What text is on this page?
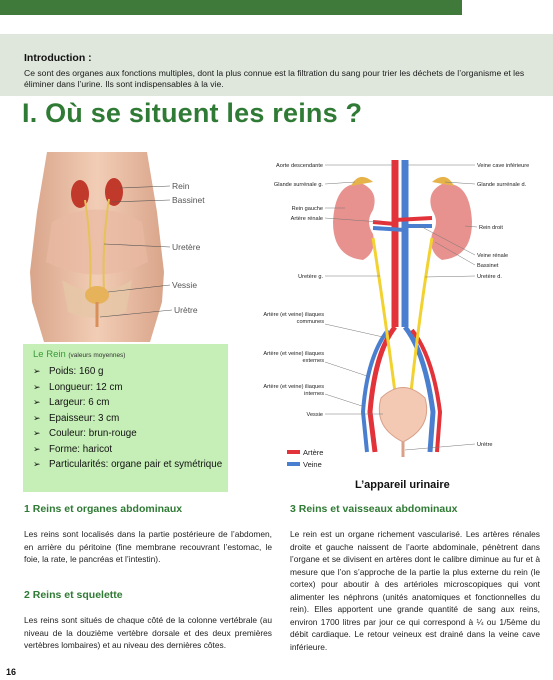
Introduction :
Ce sont des organes aux fonctions multiples, dont la plus connue est la filtration du sang pour trier les déchets de l’organisme et les éliminer dans l’urine. Ils sont indispensables à la vie.
I. Où se situent les reins ?
Rein
Bassinet
Uretère
Vessie
Urètre
Le Rein (valeurs moyennes)
➢ Poids: 160 g
➢ Longueur: 12 cm
➢ Largeur: 6 cm
➢ Epaisseur: 3 cm
➢ Couleur: brun-rouge
➢ Forme: haricot
➢ Particularités: organe pair et symétrique
Aorte descendante
Glande surrénale g.
Rein gauche
Artère rénale
Uretère g.
Artère (et veine) iliaques communes
Artère (et veine) iliaques externes
Artère (et veine) iliaques internes
Vessie
Veine cave inférieure
Glande surrénale d.
Rein droit
Veine rénale
Bassinet
Uretère d.
Urètre
Artère
Veine
L’appareil urinaire
1 Reins et organes abdominaux
Les reins sont localisés dans la partie postérieure de l’abdomen, en arrière du péritoine (fine membrane recouvrant l’estomac, le foie, la rate, le pancréas et l’intestin).
2 Reins et squelette
Les reins sont situés de chaque côté de la colonne vertébrale (au niveau de la douzième vertèbre dorsale et des deux premières vertèbres lombaires) et au niveau des dernières côtes.
3 Reins et vaisseaux abdominaux
Le rein est un organe richement vascularisé. Les artères rénales droite et gauche naissent de l’aorte abdominale, pénètrent dans l’organe et se divisent en artères dont le calibre diminue au fur et à mesure que l’on s’approche de la partie la plus externe du rein (le cortex) pour aboutir à des artérioles microscopiques qui vont alimenter les néphrons (unités anatomiques et fonctionnelles du rein). Elles apportent une grande quantité de sang aux reins, environ 1700 litres par jour ce qui correspond à ¼ ou 1/5ème du débit cardiaque. Le retour veineux est drainé dans la veine cave inférieure.
16
